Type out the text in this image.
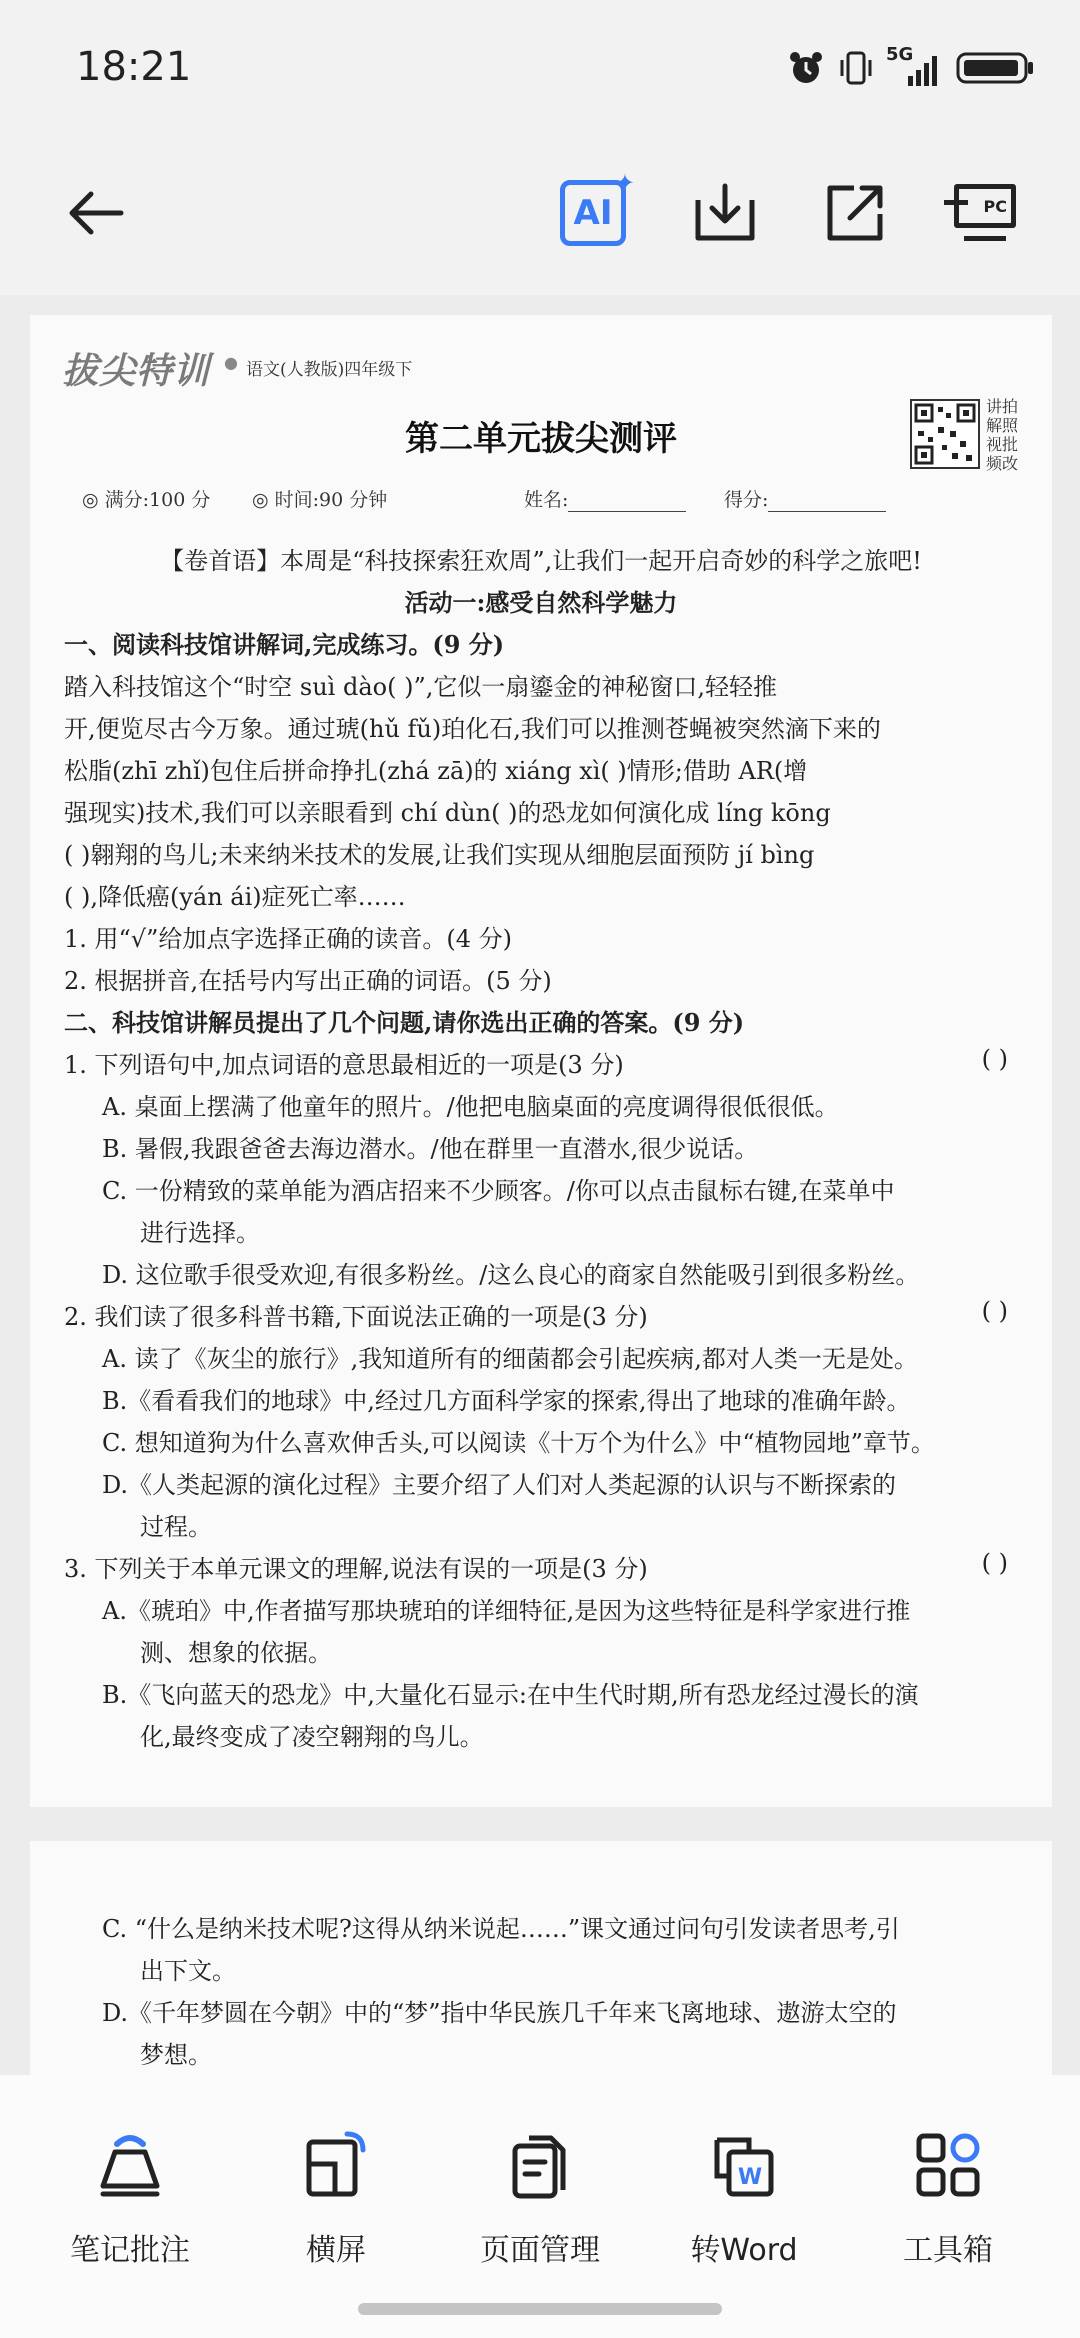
18:21	5G
AI
✦
PC
拔尖特训 ● 语文(人教版)四年级下
讲拍解照视批频改
第二单元拔尖测评
◎ 满分:100 分 ◎ 时间:90 分钟	姓名:	得分:
【卷首语】本周是“科技探索狂欢周”,让我们一起开启奇妙的科学之旅吧!
活动一:感受自然科学魅力
一、阅读科技馆讲解词,完成练习。(9 分)
踏入科技馆这个“时空 suì dào( )”,它似一扇鎏金的神秘窗口,轻轻推
开,便览尽古今万象。通过琥(hǔ fǔ)珀化石,我们可以推测苍蝇被突然滴下来的
松脂(zhī zhǐ)包住后拼命挣扎(zhá zā)的 xiáng xì( )情形;借助 AR(增
强现实)技术,我们可以亲眼看到 chí dùn( )的恐龙如何演化成 líng kōng
( )翱翔的鸟儿;未来纳米技术的发展,让我们实现从细胞层面预防 jí bìng
( ),降低癌(yán ái)症死亡率……
1. 用“√”给加点字选择正确的读音。(4 分)
2. 根据拼音,在括号内写出正确的词语。(5 分)
二、科技馆讲解员提出了几个问题,请你选出正确的答案。(9 分)
1. 下列语句中,加点词语的意思最相近的一项是(3 分)	( )
A. 桌面上摆满了他童年的照片。/他把电脑桌面的亮度调得很低很低。
B. 暑假,我跟爸爸去海边潜水。/他在群里一直潜水,很少说话。
C. 一份精致的菜单能为酒店招来不少顾客。/你可以点击鼠标右键,在菜单中
进行选择。
D. 这位歌手很受欢迎,有很多粉丝。/这么良心的商家自然能吸引到很多粉丝。
2. 我们读了很多科普书籍,下面说法正确的一项是(3 分)	( )
A. 读了《灰尘的旅行》,我知道所有的细菌都会引起疾病,都对人类一无是处。
B.《看看我们的地球》中,经过几方面科学家的探索,得出了地球的准确年龄。
C. 想知道狗为什么喜欢伸舌头,可以阅读《十万个为什么》中“植物园地”章节。
D.《人类起源的演化过程》主要介绍了人们对人类起源的认识与不断探索的
过程。
3. 下列关于本单元课文的理解,说法有误的一项是(3 分)	( )
A.《琥珀》中,作者描写那块琥珀的详细特征,是因为这些特征是科学家进行推
测、想象的依据。
B.《飞向蓝天的恐龙》中,大量化石显示:在中生代时期,所有恐龙经过漫长的演
化,最终变成了凌空翱翔的鸟儿。
C. “什么是纳米技术呢?这得从纳米说起……”课文通过问句引发读者思考,引
出下文。
D.《千年梦圆在今朝》中的“梦”指中华民族几千年来飞离地球、遨游太空的
梦想。
笔记批注	横屏	页面管理
W
转Word	工具箱
